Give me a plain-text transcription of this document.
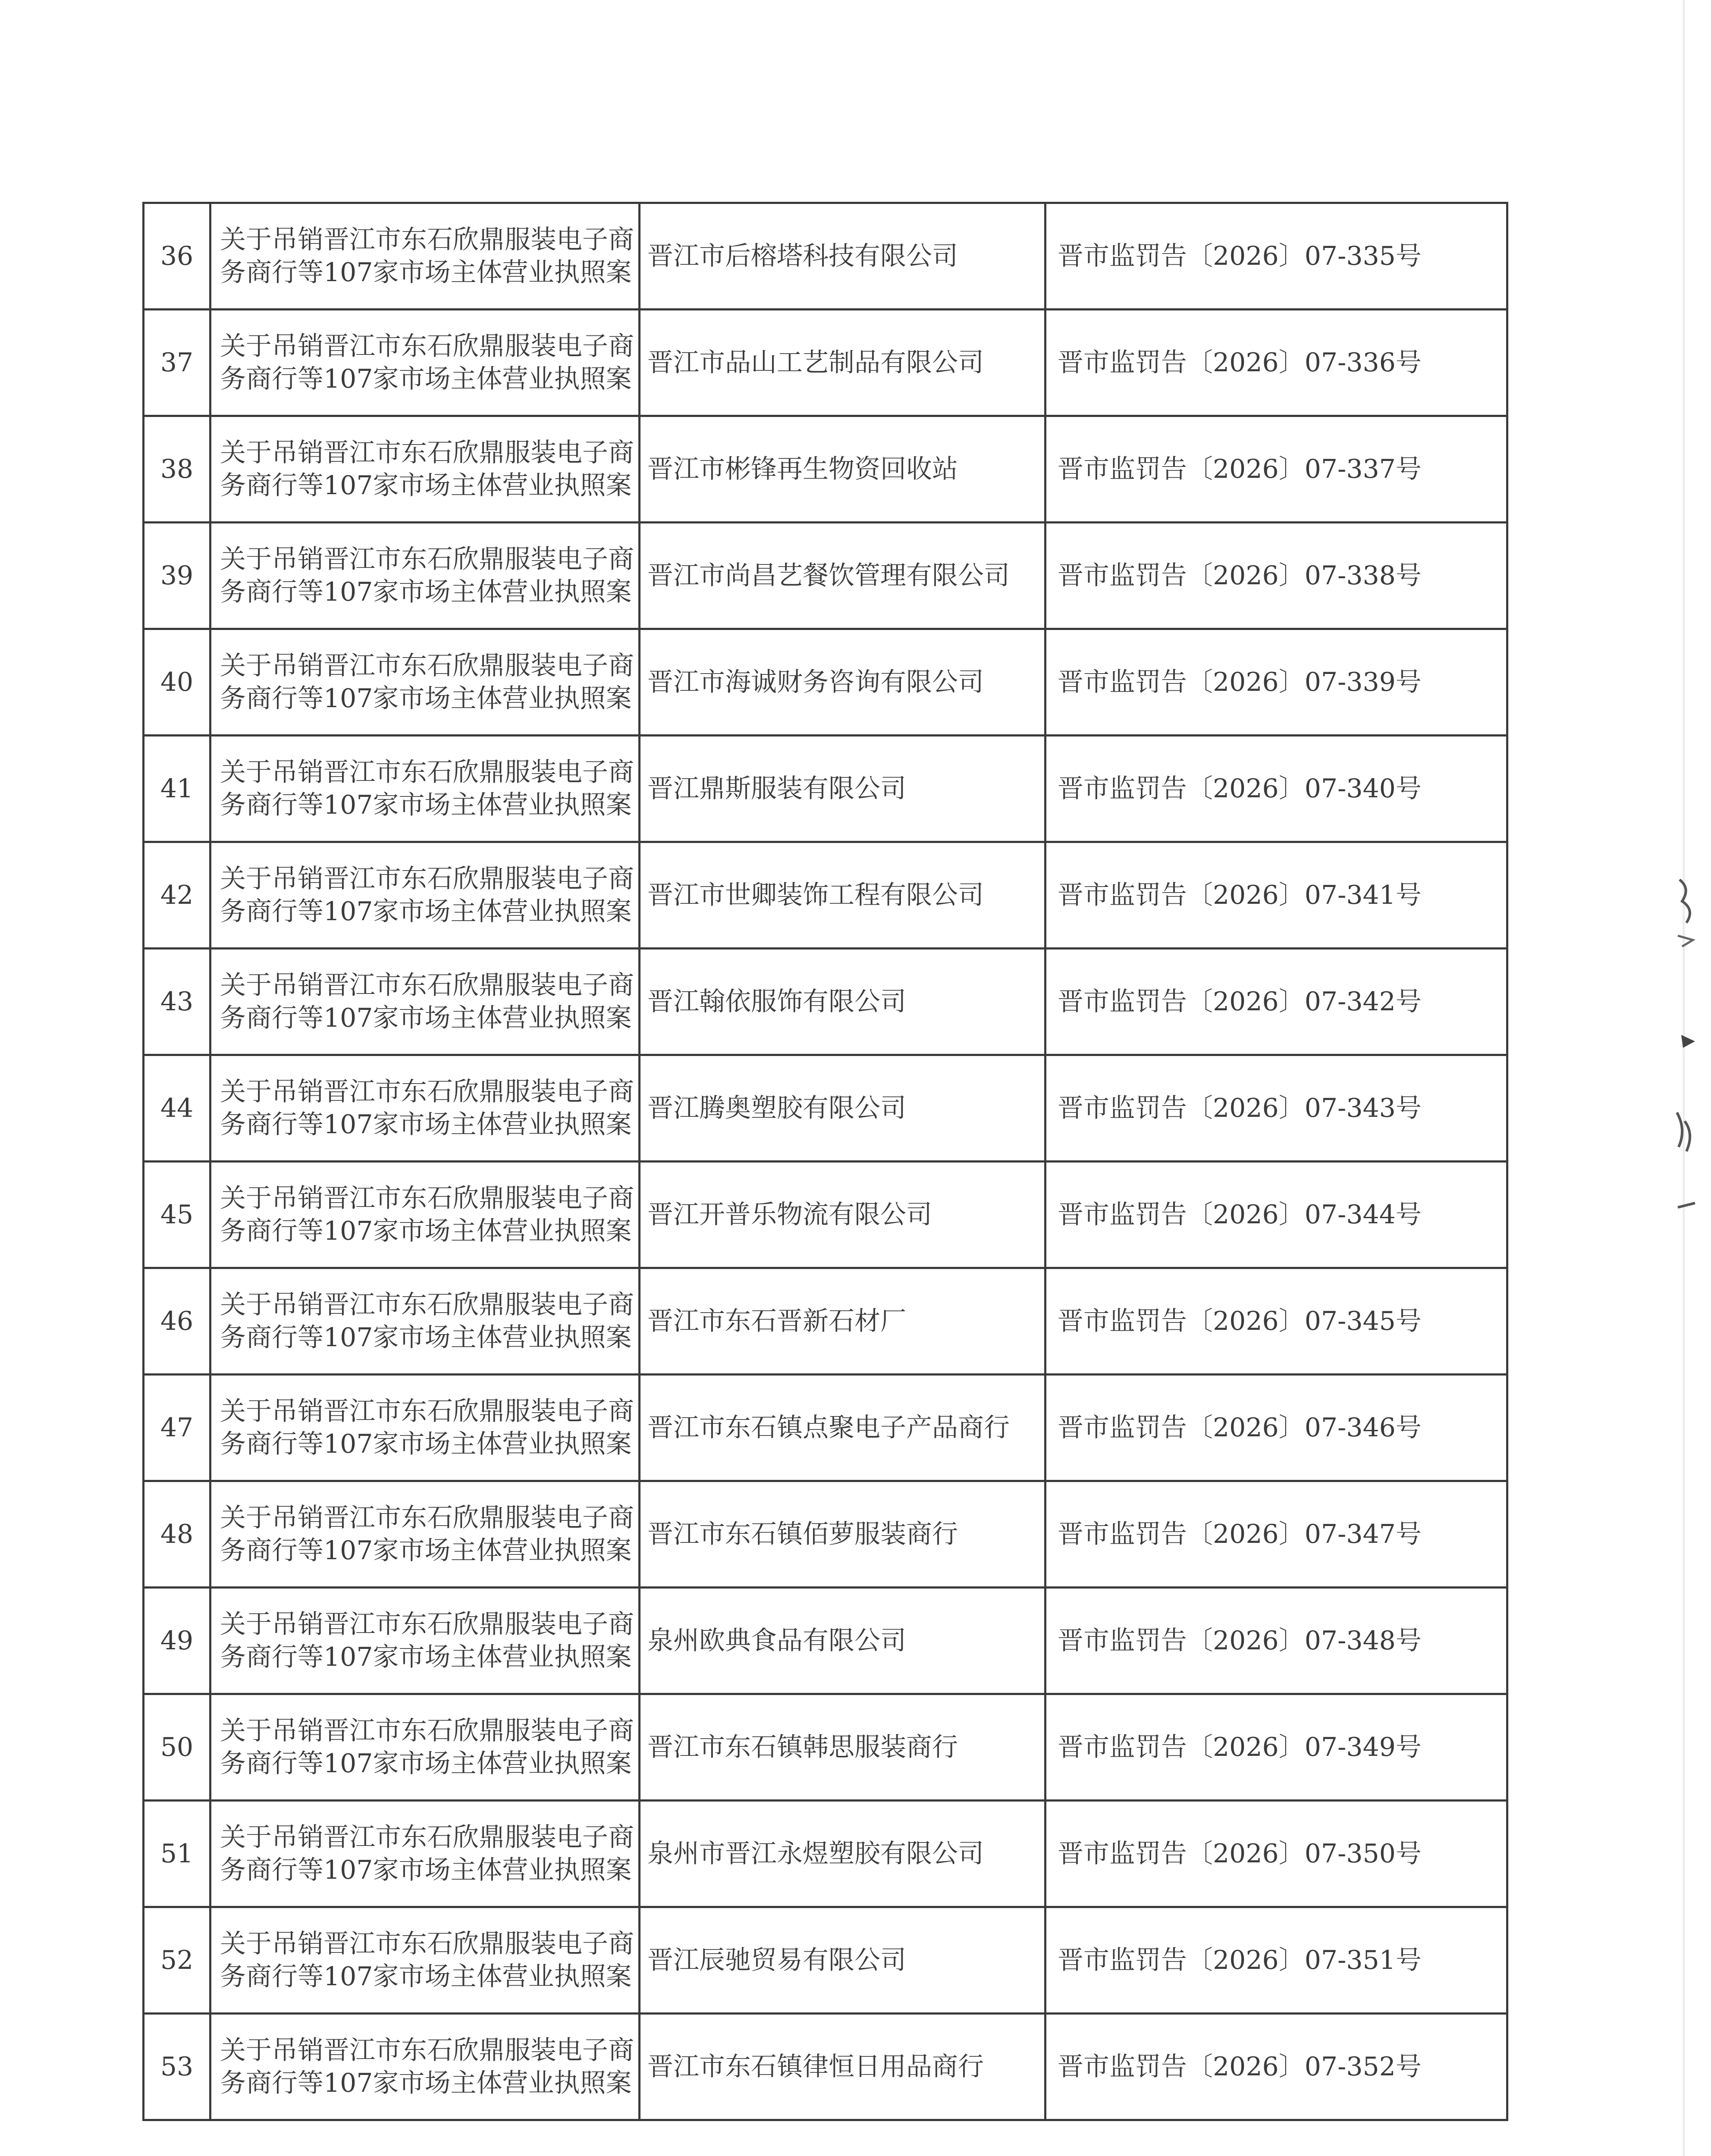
36	关于吊销晋江市东石欣鼎服装电子商务商行等107家市场主体营业执照案	晋江市后榕塔科技有限公司	晋市监罚告〔2026〕07-335号
37	关于吊销晋江市东石欣鼎服装电子商务商行等107家市场主体营业执照案	晋江市品山工艺制品有限公司	晋市监罚告〔2026〕07-336号
38	关于吊销晋江市东石欣鼎服装电子商务商行等107家市场主体营业执照案	晋江市彬锋再生物资回收站	晋市监罚告〔2026〕07-337号
39	关于吊销晋江市东石欣鼎服装电子商务商行等107家市场主体营业执照案	晋江市尚昌艺餐饮管理有限公司	晋市监罚告〔2026〕07-338号
40	关于吊销晋江市东石欣鼎服装电子商务商行等107家市场主体营业执照案	晋江市海诚财务咨询有限公司	晋市监罚告〔2026〕07-339号
41	关于吊销晋江市东石欣鼎服装电子商务商行等107家市场主体营业执照案	晋江鼎斯服装有限公司	晋市监罚告〔2026〕07-340号
42	关于吊销晋江市东石欣鼎服装电子商务商行等107家市场主体营业执照案	晋江市世卿装饰工程有限公司	晋市监罚告〔2026〕07-341号
43	关于吊销晋江市东石欣鼎服装电子商务商行等107家市场主体营业执照案	晋江翰依服饰有限公司	晋市监罚告〔2026〕07-342号
44	关于吊销晋江市东石欣鼎服装电子商务商行等107家市场主体营业执照案	晋江腾奥塑胶有限公司	晋市监罚告〔2026〕07-343号
45	关于吊销晋江市东石欣鼎服装电子商务商行等107家市场主体营业执照案	晋江开普乐物流有限公司	晋市监罚告〔2026〕07-344号
46	关于吊销晋江市东石欣鼎服装电子商务商行等107家市场主体营业执照案	晋江市东石晋新石材厂	晋市监罚告〔2026〕07-345号
47	关于吊销晋江市东石欣鼎服装电子商务商行等107家市场主体营业执照案	晋江市东石镇点聚电子产品商行	晋市监罚告〔2026〕07-346号
48	关于吊销晋江市东石欣鼎服装电子商务商行等107家市场主体营业执照案	晋江市东石镇佰萝服装商行	晋市监罚告〔2026〕07-347号
49	关于吊销晋江市东石欣鼎服装电子商务商行等107家市场主体营业执照案	泉州欧典食品有限公司	晋市监罚告〔2026〕07-348号
50	关于吊销晋江市东石欣鼎服装电子商务商行等107家市场主体营业执照案	晋江市东石镇韩思服装商行	晋市监罚告〔2026〕07-349号
51	关于吊销晋江市东石欣鼎服装电子商务商行等107家市场主体营业执照案	泉州市晋江永煜塑胶有限公司	晋市监罚告〔2026〕07-350号
52	关于吊销晋江市东石欣鼎服装电子商务商行等107家市场主体营业执照案	晋江辰驰贸易有限公司	晋市监罚告〔2026〕07-351号
53	关于吊销晋江市东石欣鼎服装电子商务商行等107家市场主体营业执照案	晋江市东石镇律恒日用品商行	晋市监罚告〔2026〕07-352号
